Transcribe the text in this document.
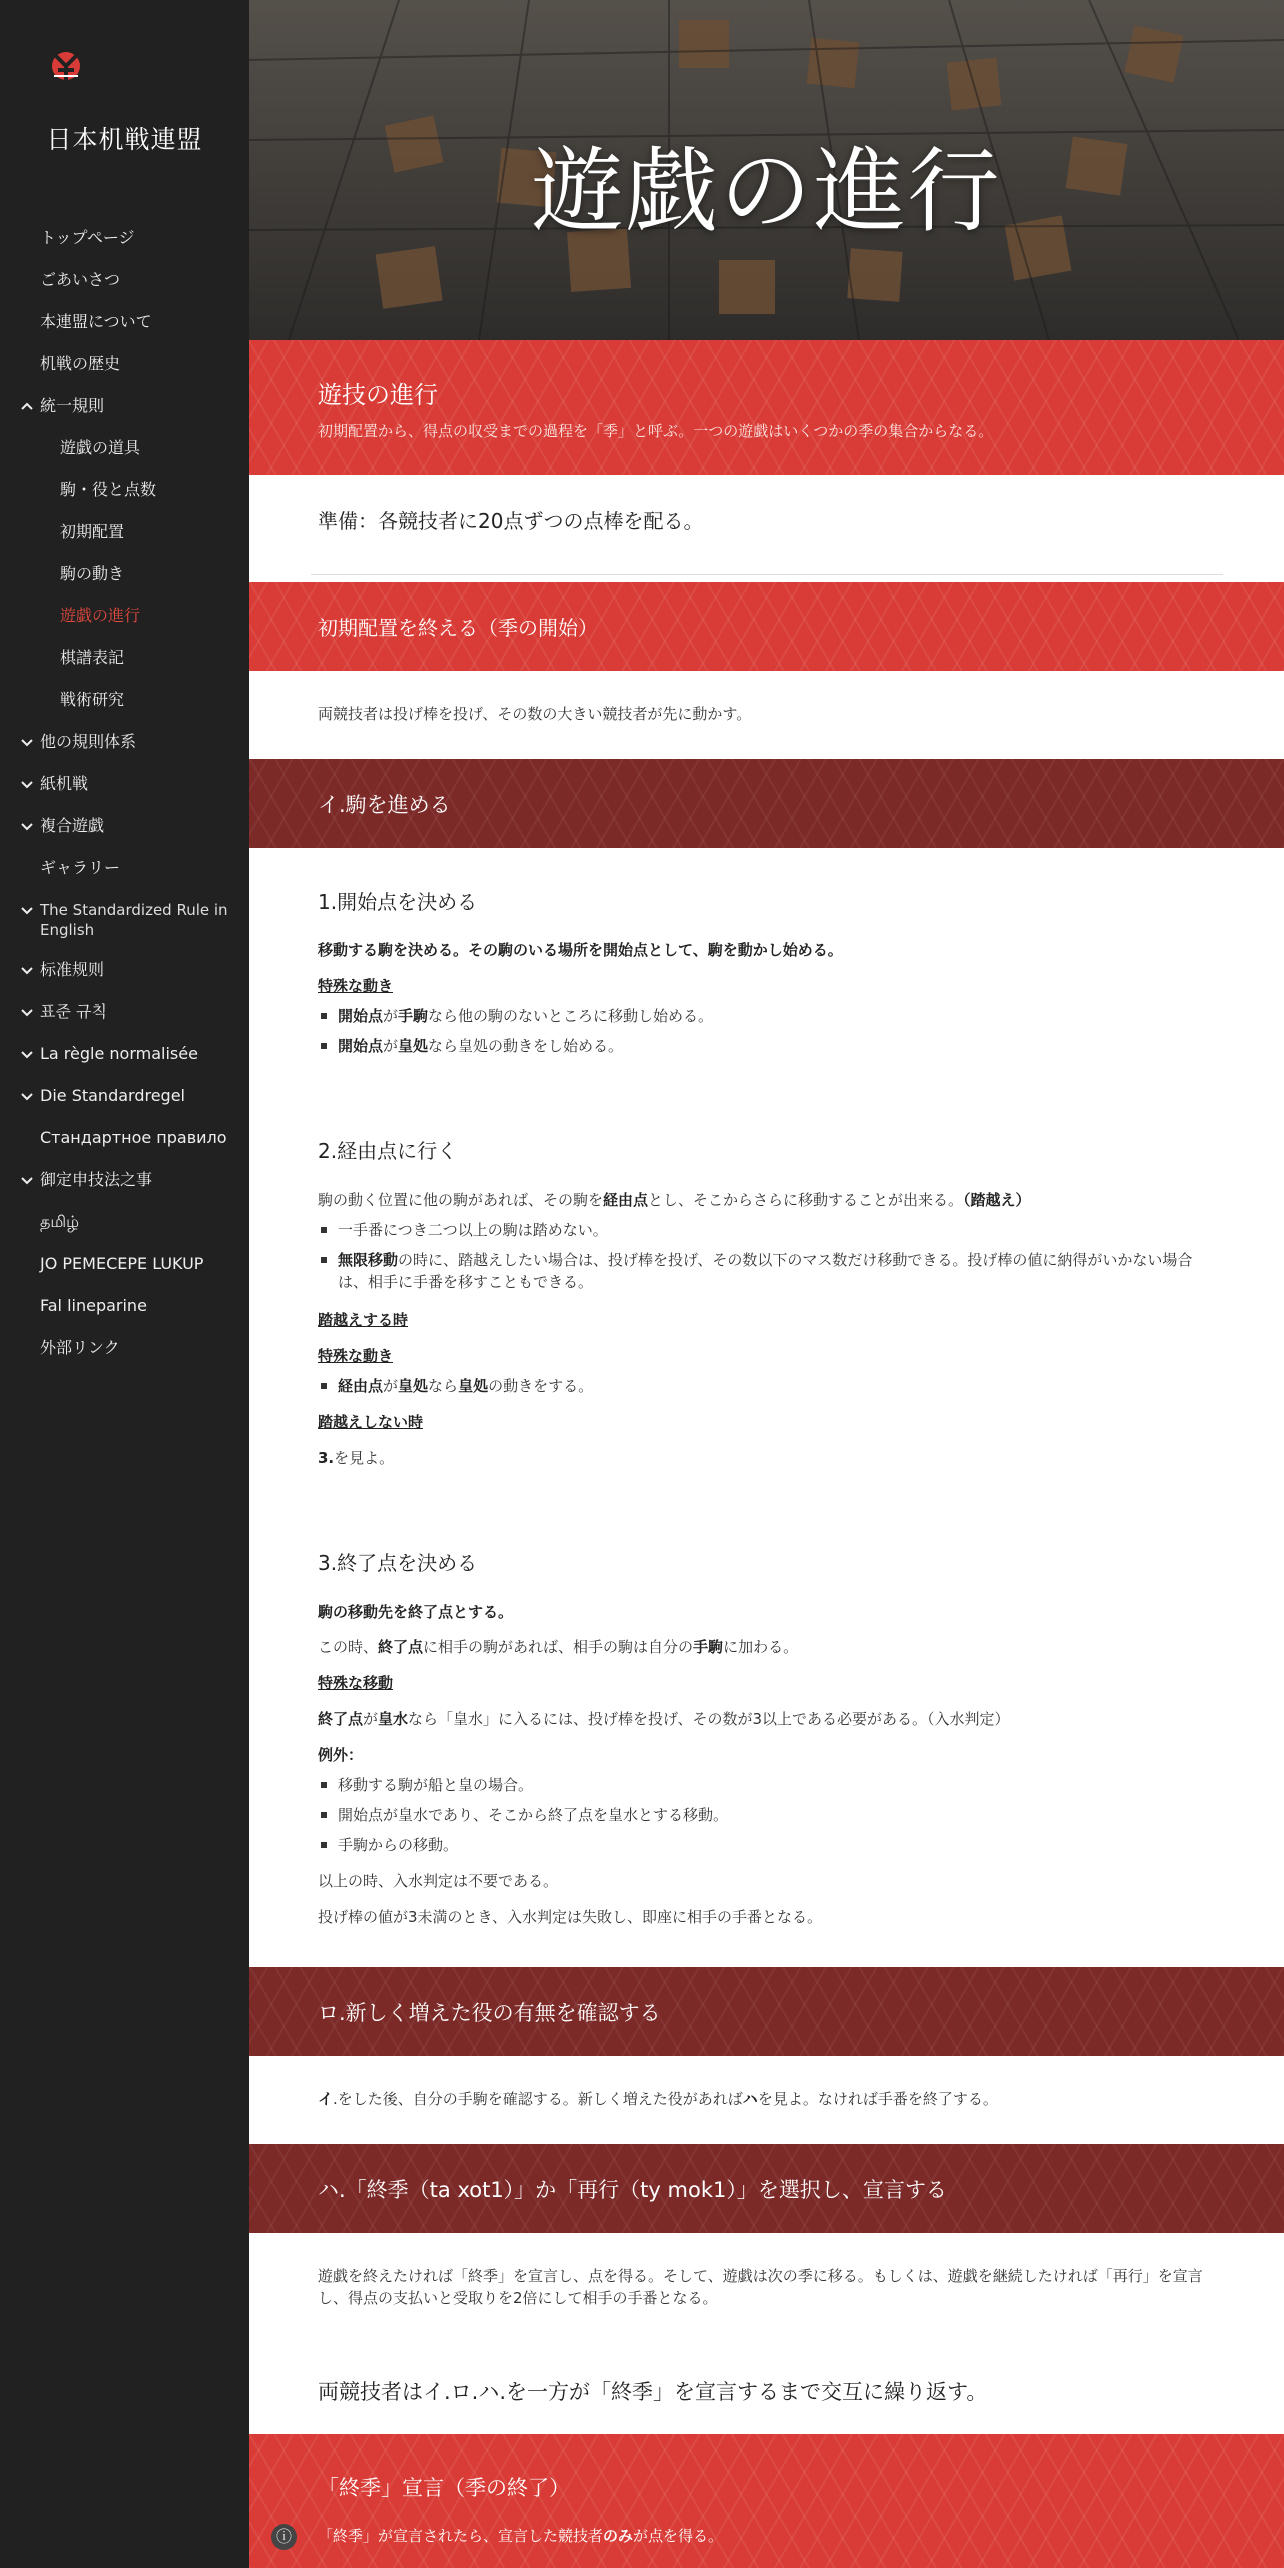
日本机戦連盟
トップページ
ごあいさつ
本連盟について
机戦の歴史
統一規則
遊戯の道具
駒・役と点数
初期配置
駒の動き
遊戯の進行
棋譜表記
戦術研究
他の規則体系
紙机戦
複合遊戯
ギャラリー
The Standardized Rule in English
标准规则
표준 규칙
La règle normalisée
Die Standardregel
Стандартное правило
御定申技法之事
தமிழ்
JO PEMECEPE LUKUP
Fal lineparine
外部リンク
遊戯の進行
遊技の進行
初期配置から、得点の収受までの過程を「季」と呼ぶ。一つの遊戯はいくつかの季の集合からなる。
準備：各競技者に20点ずつの点棒を配る。
初期配置を終える（季の開始）
両競技者は投げ棒を投げ、その数の大きい競技者が先に動かす。
イ.駒を進める
1.開始点を決める
移動する駒を決める。その駒のいる場所を開始点として、駒を動かし始める。
特殊な動き
開始点が手駒なら他の駒のないところに移動し始める。
開始点が皇処なら皇処の動きをし始める。
2.経由点に行く
駒の動く位置に他の駒があれば、その駒を経由点とし、そこからさらに移動することが出来る。（踏越え）
一手番につき二つ以上の駒は踏めない。
無限移動の時に、踏越えしたい場合は、投げ棒を投げ、その数以下のマス数だけ移動できる。投げ棒の値に納得がいかない場合は、相手に手番を移すこともできる。
踏越えする時
特殊な動き
経由点が皇処なら皇処の動きをする。
踏越えしない時
3.を見よ。
3.終了点を決める
駒の移動先を終了点とする。
この時、終了点に相手の駒があれば、相手の駒は自分の手駒に加わる。
特殊な移動
終了点が皇水なら「皇水」に入るには、投げ棒を投げ、その数が3以上である必要がある。（入水判定）
例外：
移動する駒が船と皇の場合。
開始点が皇水であり、そこから終了点を皇水とする移動。
手駒からの移動。
以上の時、入水判定は不要である。
投げ棒の値が3未満のとき、入水判定は失敗し、即座に相手の手番となる。
ロ.新しく増えた役の有無を確認する
イ.をした後、自分の手駒を確認する。新しく増えた役があればハを見よ。なければ手番を終了する。
ハ.「終季（ta xot1）」か「再行（ty mok1）」を選択し、宣言する
遊戯を終えたければ「終季」を宣言し、点を得る。そして、遊戯は次の季に移る。もしくは、遊戯を継続したければ「再行」を宣言し、得点の支払いと受取りを2倍にして相手の手番となる。
両競技者はイ.ロ.ハ.を一方が「終季」を宣言するまで交互に繰り返す。
「終季」宣言（季の終了）
「終季」が宣言されたら、宣言した競技者のみが点を得る。
ⓘ
